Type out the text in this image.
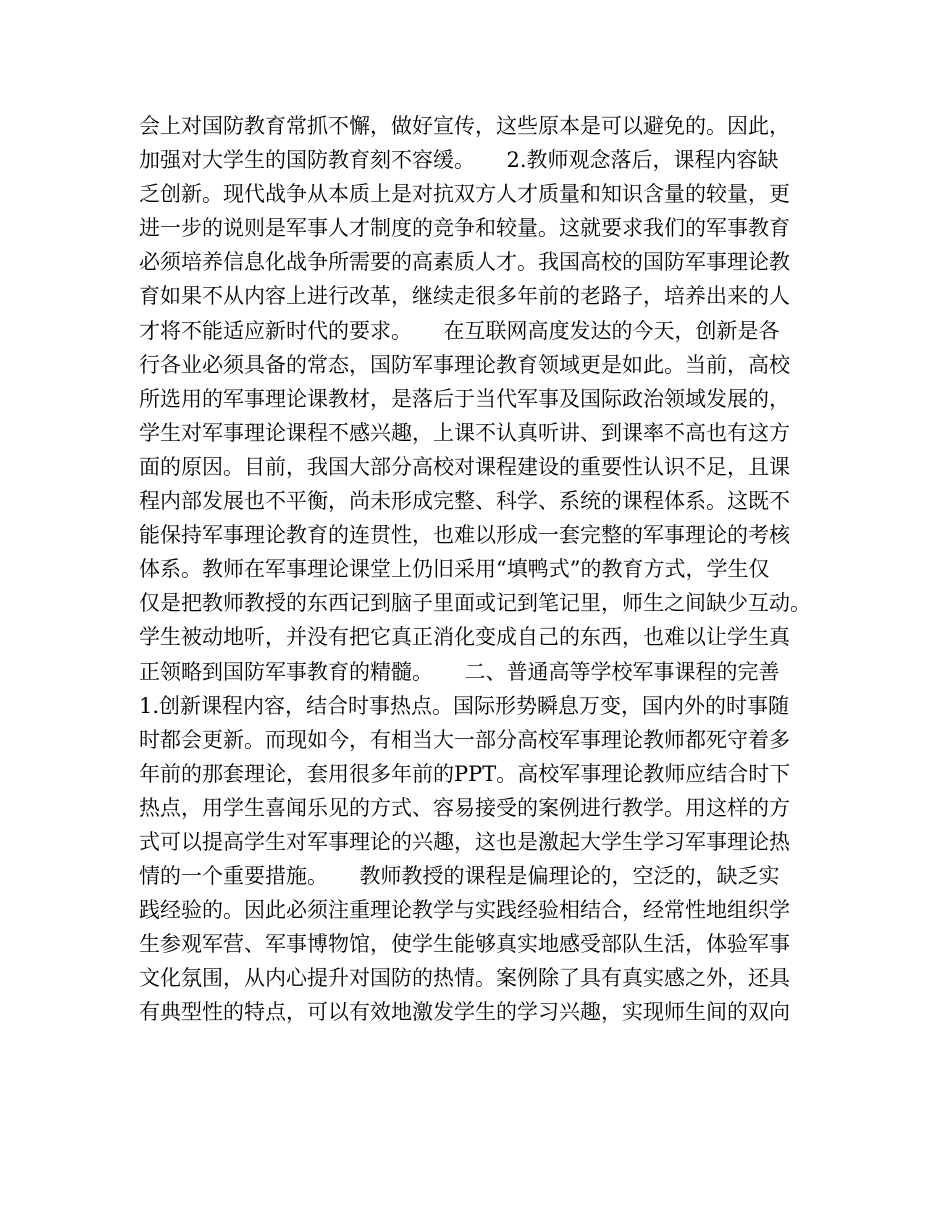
会上对国防教育常抓不懈，做好宣传，这些原本是可以避免的。因此，
加强对大学生的国防教育刻不容缓。　　2.教师观念落后，课程内容缺
乏创新。现代战争从本质上是对抗双方人才质量和知识含量的较量，更
进一步的说则是军事人才制度的竞争和较量。这就要求我们的军事教育
必须培养信息化战争所需要的高素质人才。我国高校的国防军事理论教
育如果不从内容上进行改革，继续走很多年前的老路子，培养出来的人
才将不能适应新时代的要求。　　在互联网高度发达的今天，创新是各
行各业必须具备的常态，国防军事理论教育领域更是如此。当前，高校
所选用的军事理论课教材，是落后于当代军事及国际政治领域发展的，
学生对军事理论课程不感兴趣，上课不认真听讲、到课率不高也有这方
面的原因。目前，我国大部分高校对课程建设的重要性认识不足，且课
程内部发展也不平衡，尚未形成完整、科学、系统的课程体系。这既不
能保持军事理论教育的连贯性，也难以形成一套完整的军事理论的考核
体系。教师在军事理论课堂上仍旧采用“填鸭式”的教育方式，学生仅
仅是把教师教授的东西记到脑子里面或记到笔记里，师生之间缺少互动。
学生被动地听，并没有把它真正消化变成自己的东西，也难以让学生真
正领略到国防军事教育的精髓。　　二、普通高等学校军事课程的完善
1.创新课程内容，结合时事热点。国际形势瞬息万变，国内外的时事随
时都会更新。而现如今，有相当大一部分高校军事理论教师都死守着多
年前的那套理论，套用很多年前的PPT。高校军事理论教师应结合时下
热点，用学生喜闻乐见的方式、容易接受的案例进行教学。用这样的方
式可以提高学生对军事理论的兴趣，这也是激起大学生学习军事理论热
情的一个重要措施。　　教师教授的课程是偏理论的，空泛的，缺乏实
践经验的。因此必须注重理论教学与实践经验相结合，经常性地组织学
生参观军营、军事博物馆，使学生能够真实地感受部队生活，体验军事
文化氛围，从内心提升对国防的热情。案例除了具有真实感之外，还具
有典型性的特点，可以有效地激发学生的学习兴趣，实现师生间的双向
